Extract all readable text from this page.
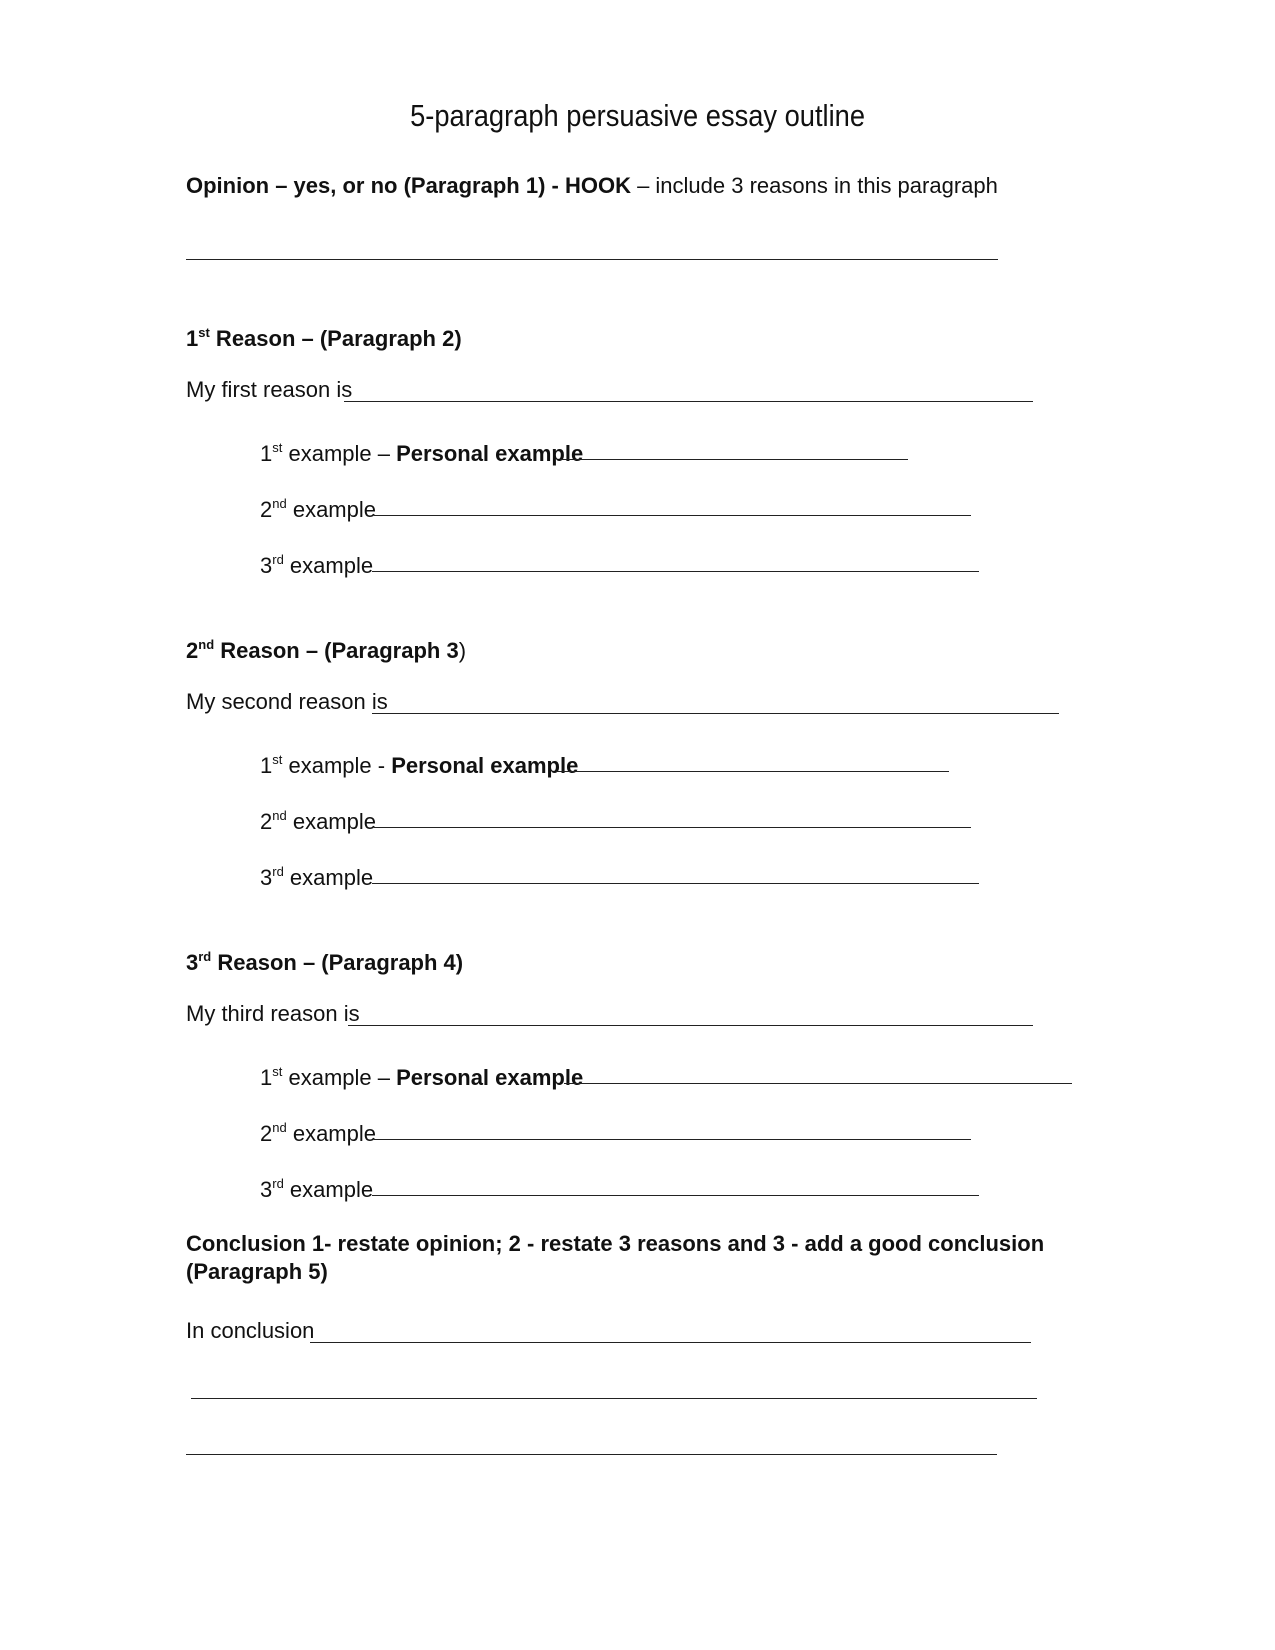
5-paragraph persuasive essay outline
Opinion – yes, or no (Paragraph 1) - HOOK – include 3 reasons in this paragraph
1st Reason – (Paragraph 2)
My first reason is
1st example – Personal example
2nd example
3rd example
2nd Reason – (Paragraph 3)
My second reason is
1st example - Personal example
2nd example
3rd example
3rd Reason – (Paragraph 4)
My third reason is
1st example – Personal example
2nd example
3rd example
Conclusion 1- restate opinion; 2 - restate 3 reasons and 3 - add a good conclusion
(Paragraph 5)
In conclusion
